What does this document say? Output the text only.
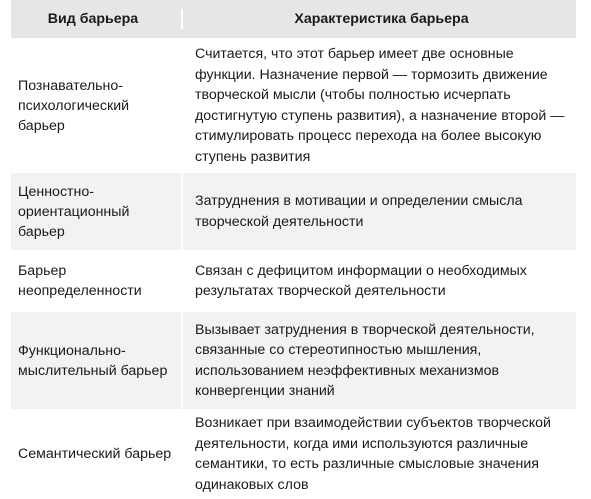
Вид барьера	Характеристика барьера
Познавательно-психологический барьер
Считается, что этот барьер имеет две основные функции. Назначение первой — тормозить движение творческой мысли (чтобы полностью исчерпать достигнутую ступень развития), а назначение второй — стимулировать процесс перехода на более высокую ступень развития
Ценностно-ориентационный барьер
Затруднения в мотивации и определении смысла творческой деятельности
Барьер неопределенности
Связан с дефицитом информации о необходимых результатах творческой деятельности
Функционально-мыслительный барьер
Вызывает затруднения в творческой деятельности, связанные со стереотипностью мышления, использованием неэффективных механизмов конвергенции знаний
Семантический барьер
Возникает при взаимодействии субъектов творческой деятельности, когда ими используются различные семантики, то есть различные смысловые значения одинаковых слов
